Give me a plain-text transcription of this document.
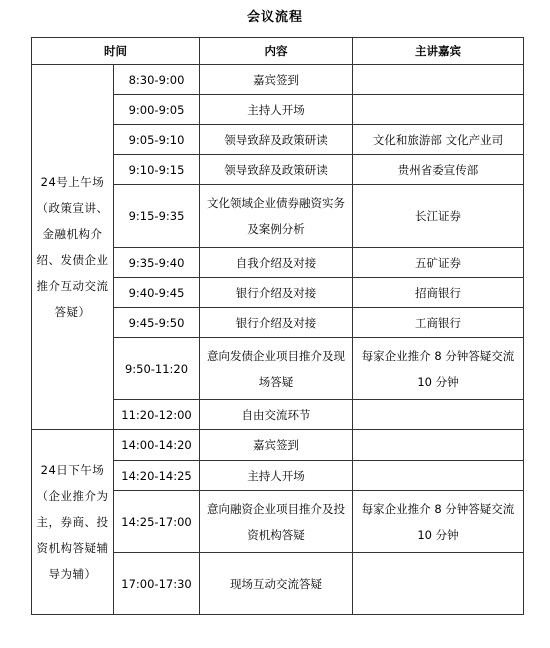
会议流程
时间		内容	主讲嘉宾
24号上午场（政策宣讲、金融机构介绍、发债企业推介互动交流答疑）	8:30-9:00	嘉宾签到	
	9:00-9:05	主持人开场	
	9:05-9:10	领导致辞及政策研读	文化和旅游部 文化产业司
	9:10-9:15	领导致辞及政策研读	贵州省委宣传部
	9:15-9:35	文化领域企业债券融资实务及案例分析	长江证券
	9:35-9:40	自我介绍及对接	五矿证券
	9:40-9:45	银行介绍及对接	招商银行
	9:45-9:50	银行介绍及对接	工商银行
	9:50-11:20	意向发债企业项目推介及现场答疑	每家企业推介 8 分钟答疑交流 10 分钟
	11:20-12:00	自由交流环节	
24日下午场（企业推介为主，券商、投资机构答疑辅导为辅）	14:00-14:20	嘉宾签到	
	14:20-14:25	主持人开场	
	14:25-17:00	意向融资企业项目推介及投资机构答疑	每家企业推介 8 分钟答疑交流 10 分钟
	17:00-17:30	现场互动交流答疑	
